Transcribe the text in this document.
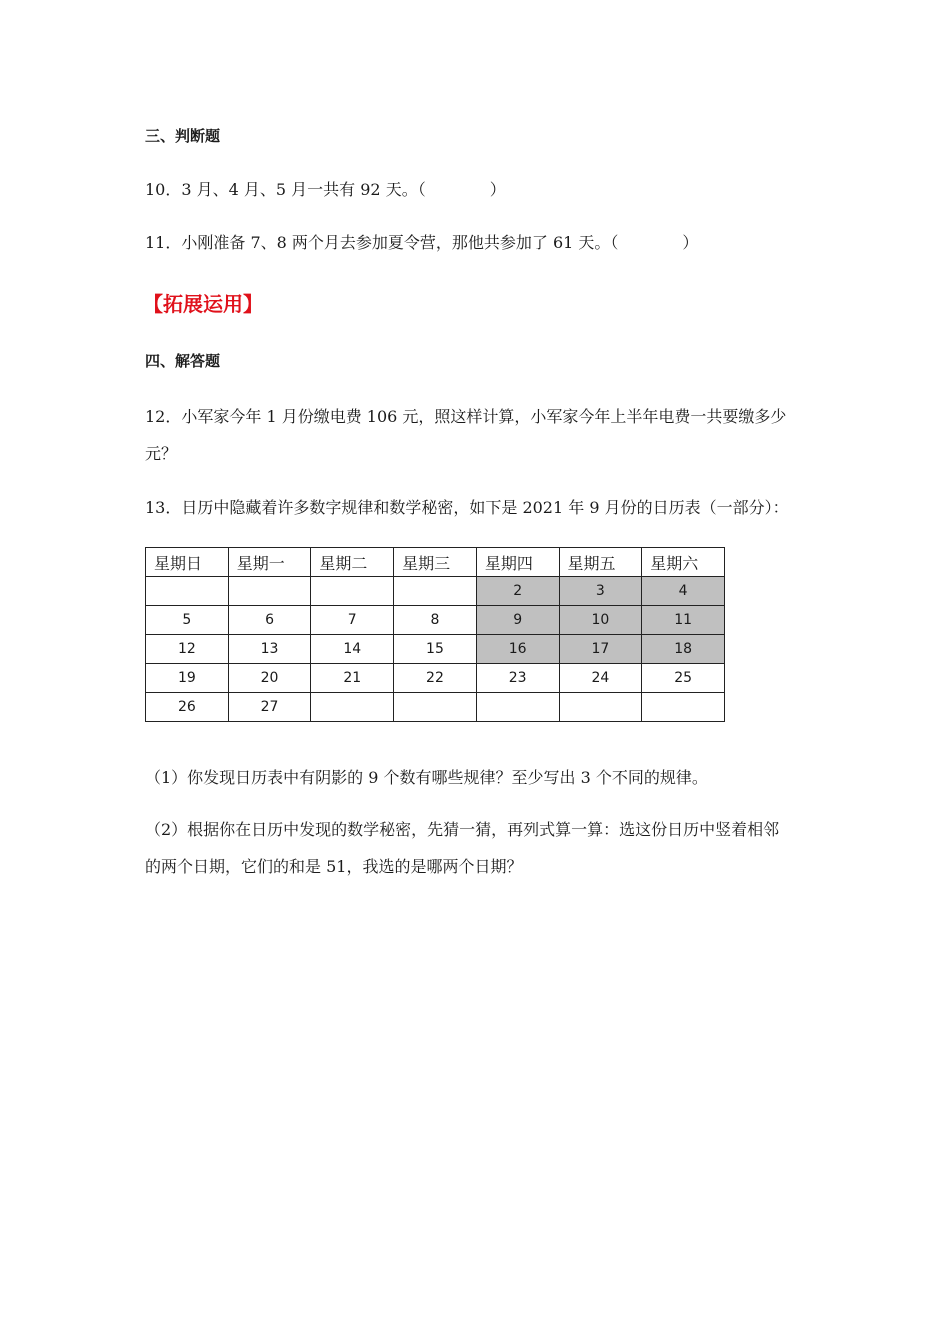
三、判断题
10．3 月、4 月、5 月一共有 92 天。（　　　　）
11．小刚准备 7、8 两个月去参加夏令营，那他共参加了 61 天。（　　　　）
【拓展运用】
四、解答题
12．小军家今年 1 月份缴电费 106 元，照这样计算，小军家今年上半年电费一共要缴多少
元？
13．日历中隐藏着许多数字规律和数学秘密，如下是 2021 年 9 月份的日历表（一部分）：
星期日	星期一	星期二	星期三	星期四	星期五	星期六
				2	3	4
5	6	7	8	9	10	11
12	13	14	15	16	17	18
19	20	21	22	23	24	25
26	27					
（1）你发现日历表中有阴影的 9 个数有哪些规律？至少写出 3 个不同的规律。
（2）根据你在日历中发现的数学秘密，先猜一猜，再列式算一算：选这份日历中竖着相邻
的两个日期，它们的和是 51，我选的是哪两个日期？
